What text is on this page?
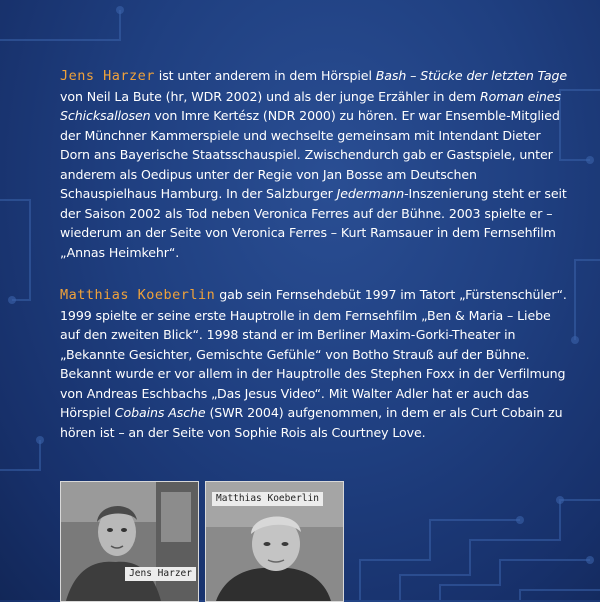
Jens Harzer ist unter anderem in dem Hörspiel Bash – Stücke der letzten Tage von Neil La Bute (hr, WDR 2002) und als der junge Erzähler in dem Roman eines Schicksallosen von Imre Kertész (NDR 2000) zu hören. Er war Ensemble-Mitglied der Münchner Kammerspiele und wechselte gemeinsam mit Intendant Dieter Dorn ans Bayerische Staatsschauspiel. Zwischendurch gab er Gastspiele, unter anderem als Oedipus unter der Regie von Jan Bosse am Deutschen Schauspielhaus Hamburg. In der Salzburger Jedermann-Inszenierung steht er seit der Saison 2002 als Tod neben Veronica Ferres auf der Bühne. 2003 spielte er – wiederum an der Seite von Veronica Ferres – Kurt Ramsauer in dem Fernsehfilm „Annas Heimkehr“.
Matthias Koeberlin gab sein Fernsehdebüt 1997 im Tatort „Fürstenschüler“. 1999 spielte er seine erste Hauptrolle in dem Fernsehfilm „Ben & Maria – Liebe auf den zweiten Blick“. 1998 stand er im Berliner Maxim-Gorki-Theater in „Bekannte Gesichter, Gemischte Gefühle“ von Botho Strauß auf der Bühne. Bekannt wurde er vor allem in der Hauptrolle des Stephen Foxx in der Verfilmung von Andreas Eschbachs „Das Jesus Video“. Mit Walter Adler hat er auch das Hörspiel Cobains Asche (SWR 2004) aufgenommen, in dem er als Curt Cobain zu hören ist – an der Seite von Sophie Rois als Courtney Love.
Jens Harzer
Matthias Koeberlin
